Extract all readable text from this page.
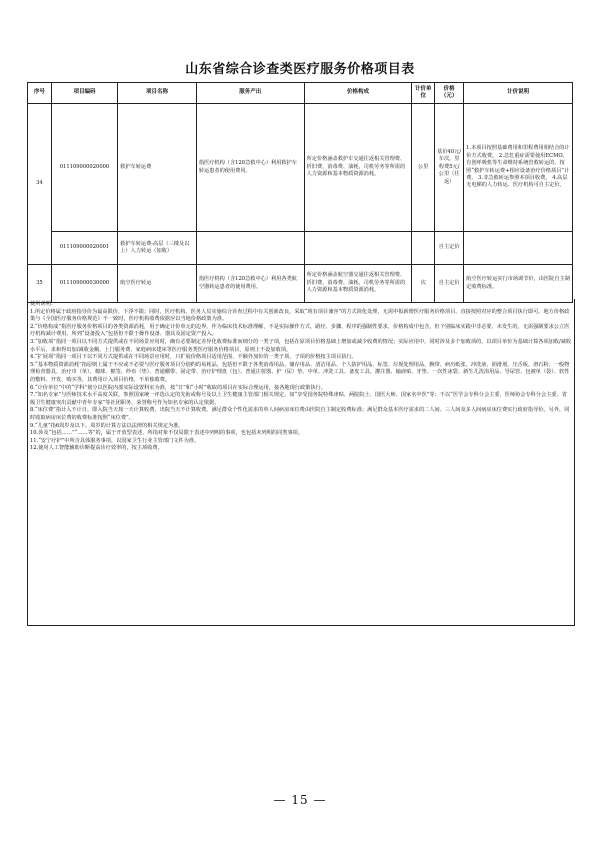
山东省综合诊查类医疗服务价格项目表
序号	项目编码	项目名称	服务产出	价格构成	计价单位	价格（元）	计价说明
34	011109000020000	救护车转运费	指医疗机构（含120急救中心）利用救护车转运患者的使用费用。	所定价格涵盖救护车交通往返相关管理费、折旧费、消毒费、油耗，司机劳务等所需的人力资源和基本物质资源消耗。	公里	基价40元/车次，里程费5元/公里（往返）	1.本项目按照基础费用和里程费用相结合的计价方式收费。 2.急危重症需要使用ECMO、有创呼吸机等生命维持系统管救转运的，按照“救护车转运费+相应设备治疗价格项目”计费。 3.非急救转运参照本项目收费。 4.高层无电梯的人力转运，医疗机构可自主定价。
	011109000020001	救护车转运费-高层（三楼及以上）人力转运（加收）				自主定价	
35	011109000030000	航空医疗转运	指医疗机构（含120急救中心）利用各类航空器转运患者的使用费用。	所定价格涵盖航空器交通往返相关管理费、折旧费、消毒费、油耗，司机劳务等所需的人力资源和基本物质资源消耗。	次	自主定价	航空医疗转运实行市场调节价，由医院自主制定收费标准。

使用说明：

1.所定价格属于政府指导价为最高限价，下浮不限；同时，医疗机构、医务人员实施综合诊查过程中有关创新改良，采取“现有项目兼容”的方式简化处理，无需申报新增医疗服务价格项目，直接按照对应的整合项目执行即可。地方价格政策与《全国医疗服务价格规范》不一致时，医疗机构收费依据应以当地价格政策为准。

2.“价格构成”指医疗服务价格项目的各类资源消耗，用于确定计价单元的边界，作为临床技术标准理解，不是实际操作方式、路径、步骤、程序的强制性要求，价格构成中包含，但个别临床实践中非必要、未发生的，无需强制要求公立医疗机构减计费用。所列“设备投入”包括但不限于操作设备、器具及固定资产投入。

3.“加收项”指同一项目以不同方式提供或在不同场景应用时，确有必要制定差异化收费标准而细分的一类子项，包括在原项目价格基础上增加或减少收费的情况；实际应用中，同时涉及多个加收项的，以项目单价为基础计算各项加收/减收水平后，求和得出加/减收金额，上门服务费、家庭病床建床等医疗服务类医疗服务价格项目，原则上不设加收项。

4.“扩展项”指同一项目下以不同方式提供或在不同场景应用时，只扩展价格项目适用范围、不额外加价的一类子项，子项的价格按主项目执行。

5.“基本物质资源消耗”指原则上属于不应或不必要与医疗服务项目分别约的易耗品，包括但不限于各类消毒用品、储存用品、清洁用品、个人防护用品、标签、垃圾处理用品、腕带、病历纸张、冲洗液、润滑剂、压舌板、滑石粉、一般物理检查器具、治疗巾（单）、棉球、棉签、纱布（垫）、普通绷带、固定带、治疗护理盘（包）、普通注射器、护（尿）垫、中单、冲洗工具、备皮工具、灌注器、输液贴、牙垫、一次性冰袋、新生儿洗浴用品、导尿管、包被单（袋）、软性的敷料、开发、购买等，其费用计入项目价格，不单独收费。

6.“计价单位”中的“学科”划分以医院内部实际设置科室为准，按“日”和“小时”收取的项目在实际合理运用，接各地现行政策执行。

7.“知名专家”与医师技术水平高度关联，参照国家统一评选认定的先衔或称号及以上卫生健康主管部门相关规定。如“享受国务院特殊津贴、两院院士、国医大师、国家名中医”等；不以“医学会专科分会主委、医师协会专科分会主委、省级卫生健康突出贡献中青年专家”等社团职务、荣誉称号作为知名专家的认定依据。

8.“床位费”指计入不计日。即入院当天按一天计算收费，出院当天不计算收费。满足群众个性化需求的单人间病房床位费由医院自主制定收费标准；满足群众基本医疗需求的二人间、三人间及多人间病房床位费实行政府指导价。另外，同时收取病房床位费的收费标准按照“床位费”。

9.“儿童”指6周岁及以下。周岁的计算方法以法律的相关规定为准。

10.涉及“包括……”“……等”的，属于开放型表述，所指对象不仅局限于表述中列明的事项，也包括未列明的同类事项。

11.“安宁疗护”中所含具体服务事项，以国家卫生行业主管部门文件为准。

12.使用人工智能辅助诊断提高诊疗效率的，按主项收费。

— 15 —
